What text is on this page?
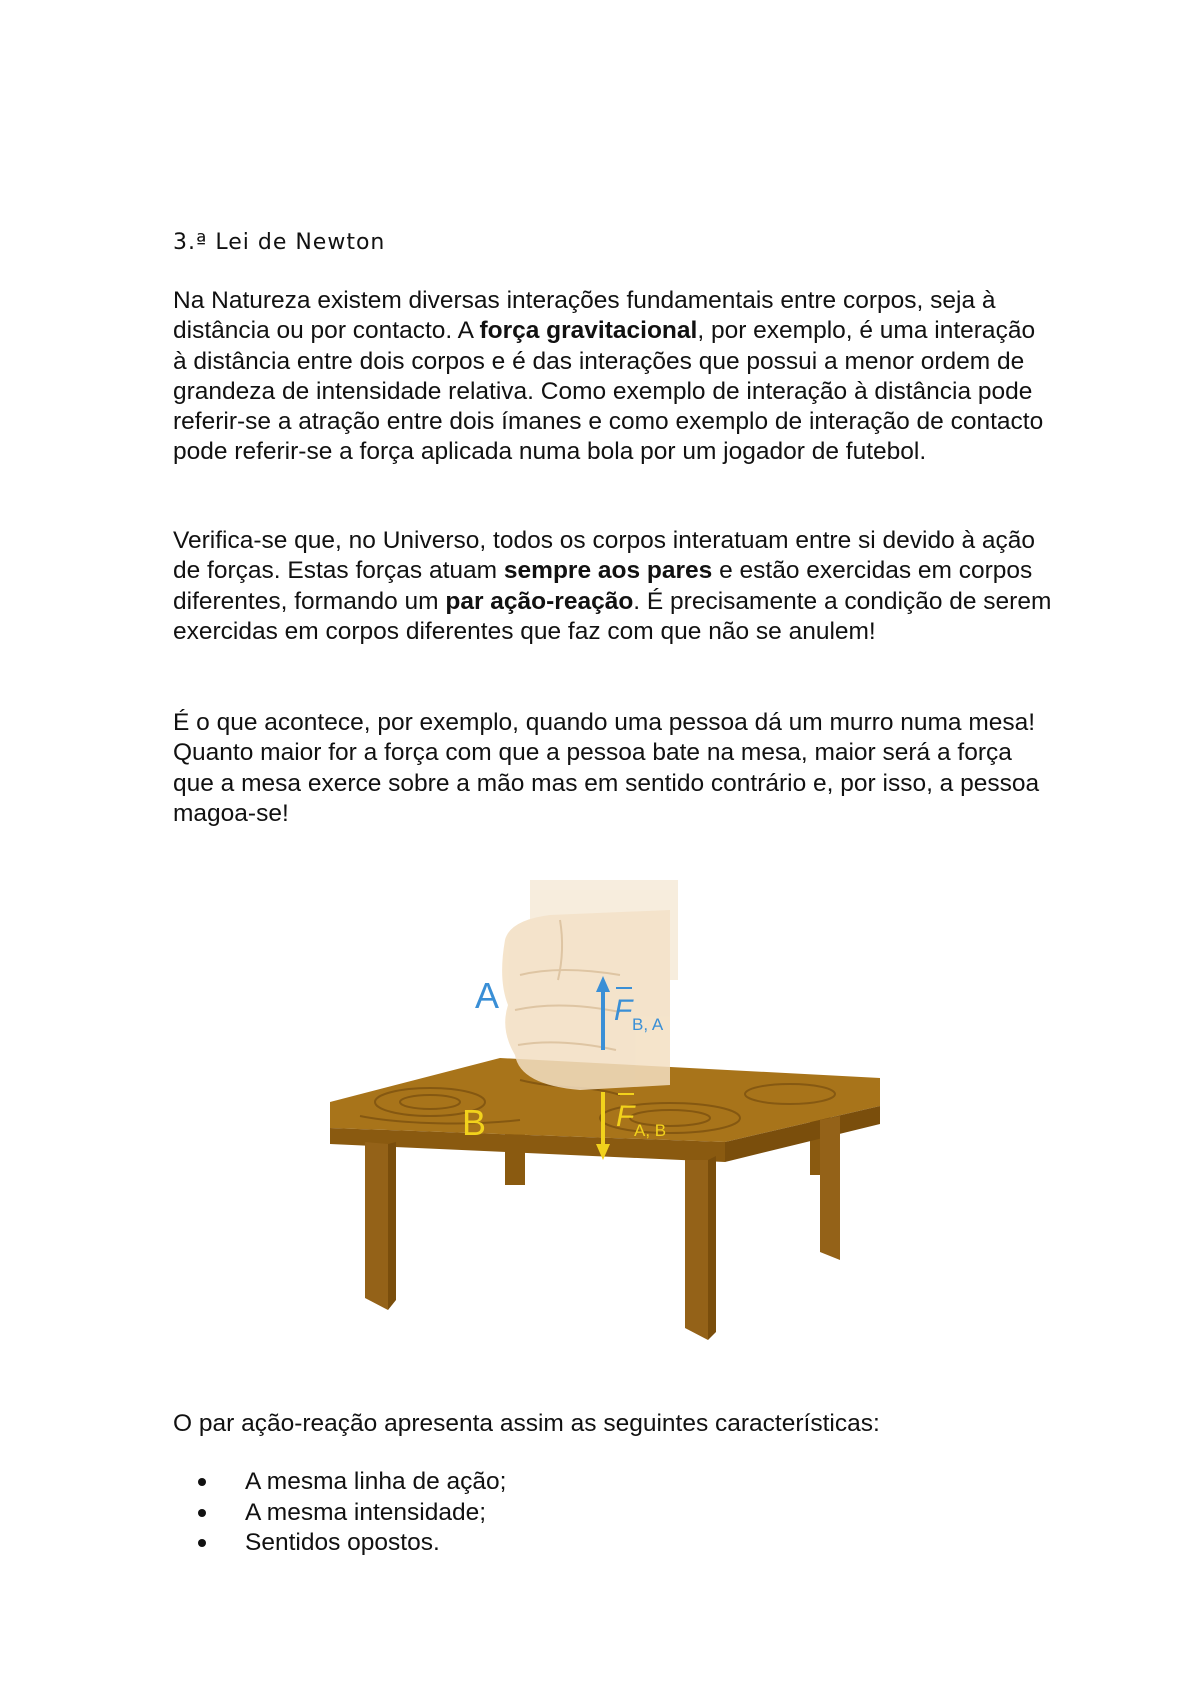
3.ª Lei de Newton

Na Natureza existem diversas interações fundamentais entre corpos, seja à distância ou por contacto. A força gravitacional, por exemplo, é uma interação à distância entre dois corpos e é das interações que possui a menor ordem de grandeza de intensidade relativa. Como exemplo de interação à distância pode referir-se a atração entre dois ímanes e como exemplo de interação de contacto pode referir-se a força aplicada numa bola por um jogador de futebol.

Verifica-se que, no Universo, todos os corpos interatuam entre si devido à ação de forças. Estas forças atuam sempre aos pares e estão exercidas em corpos diferentes, formando um par ação-reação. É precisamente a condição de serem exercidas em corpos diferentes que faz com que não se anulem!

É o que acontece, por exemplo, quando uma pessoa dá um murro numa mesa! Quanto maior for a força com que a pessoa bate na mesa, maior será a força que a mesa exerce sobre a mão mas em sentido contrário e, por isso, a pessoa magoa-se!

A
B
F B, A
F A, B

O par ação-reação apresenta assim as seguintes características:

A mesma linha de ação;
A mesma intensidade;
Sentidos opostos.
